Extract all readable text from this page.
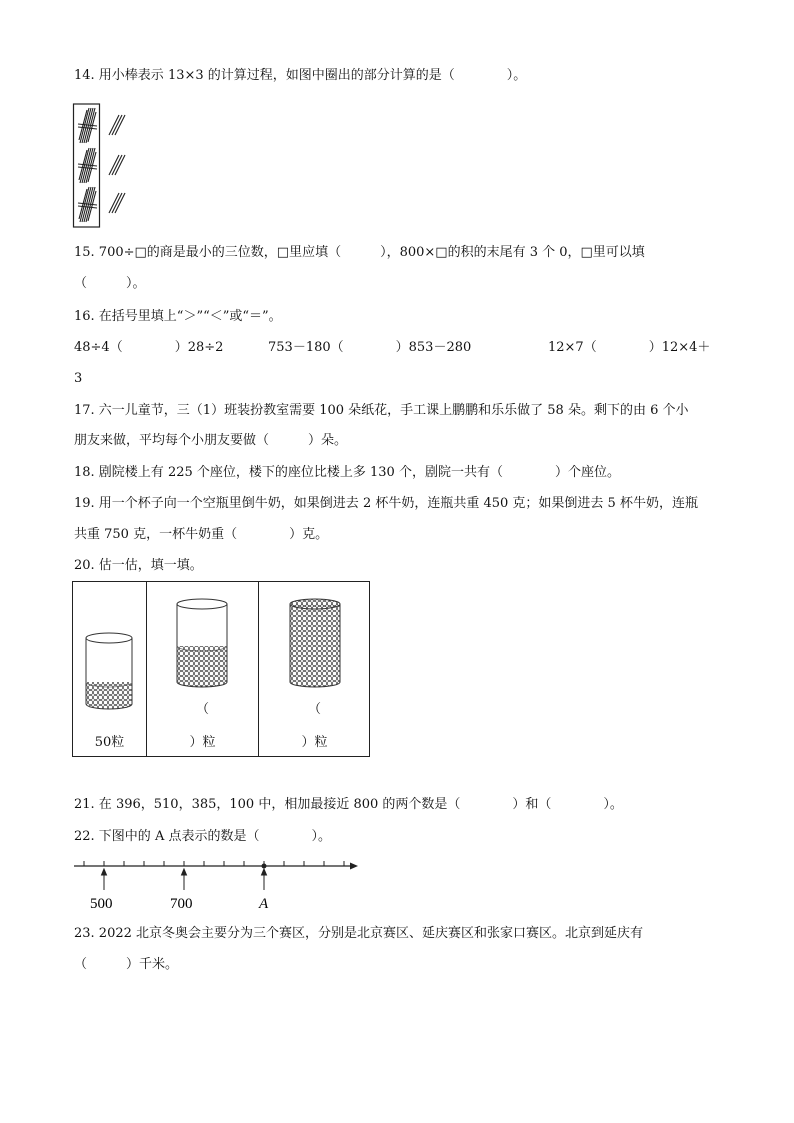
14. 用小棒表示 13×3 的计算过程，如图中圈出的部分计算的是（　　　　）。
15. 700÷□的商是最小的三位数，□里应填（　　　），800×□的积的末尾有 3 个 0，□里可以填
（　　　）。
16. 在括号里填上“＞”“＜”或“＝”。
48÷4（　　　　）28÷2	753－180（　　　　）853－280	12×7（　　　　）12×4＋
3
17. 六一儿童节，三（1）班装扮教室需要 100 朵纸花，手工课上鹏鹏和乐乐做了 58 朵。剩下的由 6 个小
朋友来做，平均每个小朋友要做（　　　）朵。
18. 剧院楼上有 225 个座位，楼下的座位比楼上多 130 个，剧院一共有（　　　　）个座位。
19. 用一个杯子向一个空瓶里倒牛奶，如果倒进去 2 杯牛奶，连瓶共重 450 克；如果倒进去 5 杯牛奶，连瓶
共重 750 克，一杯牛奶重（　　　　）克。
20. 估一估，填一填。
50粒
（
）粒
（
）粒
21. 在 396，510，385，100 中，相加最接近 800 的两个数是（　　　　）和（　　　　）。
22. 下图中的 A 点表示的数是（　　　　）。
500	700	A
23. 2022 北京冬奥会主要分为三个赛区，分别是北京赛区、延庆赛区和张家口赛区。北京到延庆有
（　　　）千米。
